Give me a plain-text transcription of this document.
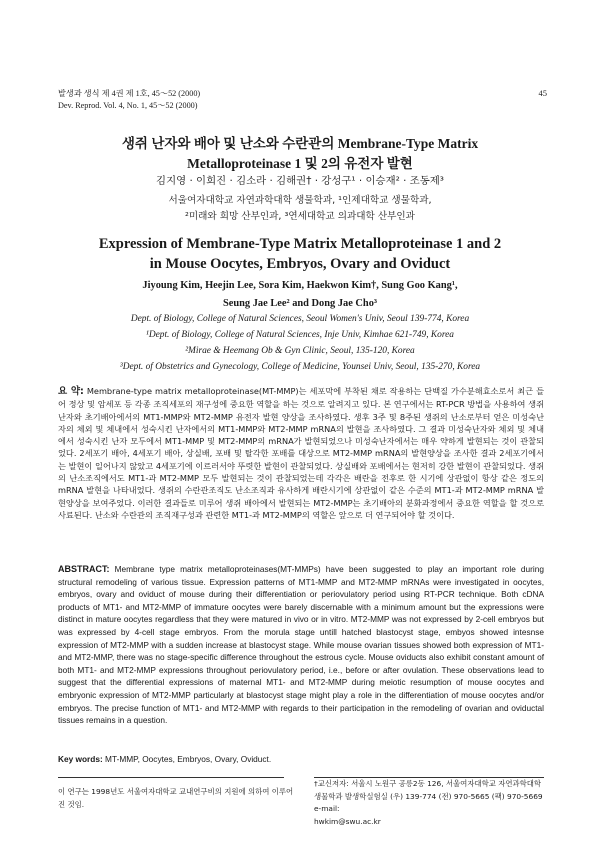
발생과 생식 제 4권 제 1호, 45～52 (2000)
Dev. Reprod. Vol. 4, No. 1, 45～52 (2000)
45
생쥐 난자와 배아 및 난소와 수란관의 Membrane-Type Matrix
Metalloproteinase 1 및 2의 유전자 발현
김지영 · 이희진 · 김소라 · 김해권† · 강성구¹ · 이승재² · 조동제³
서울여자대학교 자연과학대학 생물학과, ¹인제대학교 생물학과,
²미래와 희망 산부인과, ³연세대학교 의과대학 산부인과
Expression of Membrane-Type Matrix Metalloproteinase 1 and 2
in Mouse Oocytes, Embryos, Ovary and Oviduct
Jiyoung Kim, Heejin Lee, Sora Kim, Haekwon Kim†, Sung Goo Kang¹,
Seung Jae Lee² and Dong Jae Cho³
Dept. of Biology, College of Natural Sciences, Seoul Women's Univ, Seoul 139-774, Korea
¹Dept. of Biology, College of Natural Sciences, Inje Univ, Kimhae 621-749, Korea
²Mirae & Heemang Ob & Gyn Clinic, Seoul, 135-120, Korea
³Dept. of Obstetrics and Gynecology, College of Medicine, Younsei Univ, Seoul, 135-270, Korea
요 약: Membrane-type matrix metalloproteinase(MT-MMP)는 세포막에 부착된 채로 작용하는 단백질 가수분해효소로서 최근 들어 정상 및 암세포 등 각종 조직세포의 재구성에 중요한 역할을 하는 것으로 알려지고 있다. 본 연구에서는 RT-PCR 방법을 사용하여 생쥐 난자와 초기배아에서의 MT1-MMP와 MT2-MMP 유전자 발현 양상을 조사하였다. 생후 3주 및 8주된 생쥐의 난소로부터 얻은 미성숙난자의 체외 및 체내에서 성숙시킨 난자에서의 MT1-MMP와 MT2-MMP mRNA의 발현을 조사하였다. 그 결과 미성숙난자와 체외 및 체내에서 성숙시킨 난자 모두에서 MT1-MMP 및 MT2-MMP의 mRNA가 발현되었으나 미성숙난자에서는 매우 약하게 발현되는 것이 관찰되었다. 2세포기 배아, 4세포기 배아, 상실배, 포배 및 탈각한 포배를 대상으로 MT2-MMP mRNA의 발현양상을 조사한 결과 2세포기에서는 발현이 일어나지 않았고 4세포기에 이르러서야 뚜렷한 발현이 관찰되었다. 상실배와 포배에서는 현저히 강한 발현이 관찰되었다. 생쥐의 난소조직에서도 MT1-과 MT2-MMP 모두 발현되는 것이 관찰되었는데 각각은 배란을 전후로 한 시기에 상관없이 항상 같은 정도의 mRNA 발현을 나타내었다. 생쥐의 수란관조직도 난소조직과 유사하게 배란시기에 상관없이 같은 수준의 MT1-과 MT2-MMP mRNA 발현양상을 보여주었다. 이러한 결과들로 미루어 생쥐 배아에서 발현되는 MT2-MMP는 초기배아의 분화과정에서 중요한 역할을 할 것으로 사료된다. 난소와 수란관의 조직재구성과 관련한 MT1-과 MT2-MMP의 역할은 앞으로 더 연구되어야 할 것이다.
ABSTRACT: Membrane type matrix metalloproteinases(MT-MMPs) have been suggested to play an important role during structural remodeling of various tissue. Expression patterns of MT1-MMP and MT2-MMP mRNAs were investigated in oocytes, embryos, ovary and oviduct of mouse during their differentiation or periovulatory period using RT-PCR technique. Both cDNA products of MT1- and MT2-MMP of immature oocytes were barely discernable with a minimum amount but the expressions were distinct in mature oocytes regardless that they were matured in vivo or in vitro. MT2-MMP was not expressed by 2-cell embryos but was expressed by 4-cell stage embryos. From the morula stage untill hatched blastocyst stage, embyos showed intesnse expression of MT2-MMP with a sudden increase at blastocyst stage. While mouse ovarian tissues showed both expression of MT1- and MT2-MMP, there was no stage-specific difference throughout the estrous cycle. Mouse oviducts also exhibit constant amount of both MT1- and MT2-MMP expressions throughout periovulatory period, i.e., before or after ovulation. These observations lead to suggest that the differential expressions of maternal MT1- and MT2-MMP during meiotic resumption of mouse oocytes and embryonic expression of MT2-MMP particularly at blastocyst stage might play a role in the differentiation of mouse oocytes and/or embryos. The precise function of MT1- and MT2-MMP with regards to their participation in the remodeling of ovarian and oviductal tissues remains in a question.
Key words: MT-MMP, Oocytes, Embryos, Ovary, Oviduct.
이 연구는 1998년도 서울여자대학교 교내연구비의 지원에 의하여 이루어진 것임.
†교신저자: 서울시 노원구 공릉2동 126, 서울여자대학교 자연과학대학
생물학과 발생학실험실 (우) 139-774 (전) 970-5665 (팩) 970-5669 e-mail:
hwkim@swu.ac.kr
